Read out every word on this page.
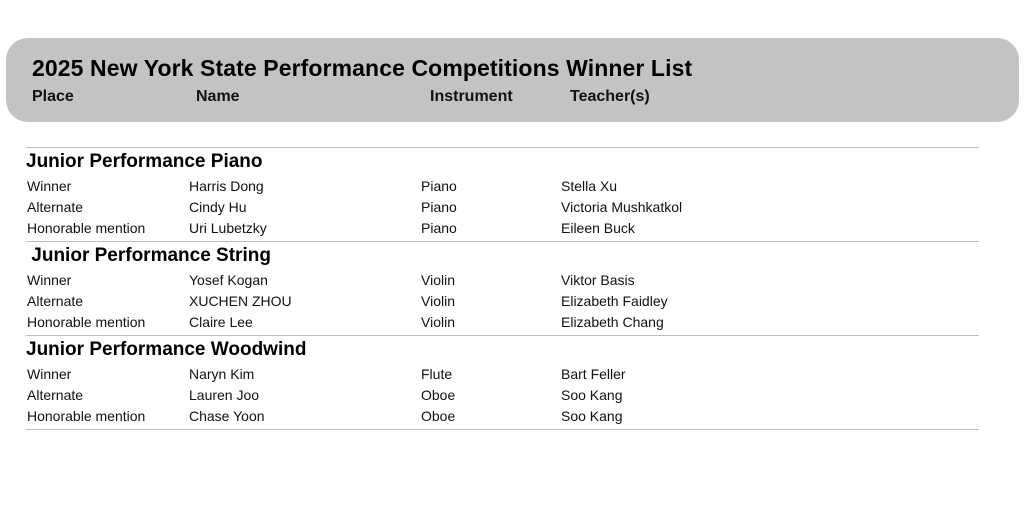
2025 New York State Performance Competitions Winner List
Place	Name	Instrument	Teacher(s)
Junior Performance Piano
Winner	Harris Dong	Piano	Stella Xu
Alternate	Cindy Hu	Piano	Victoria Mushkatkol
Honorable mention	Uri Lubetzky	Piano	Eileen Buck
Junior Performance String
Winner	Yosef Kogan	Violin	Viktor Basis
Alternate	XUCHEN ZHOU	Violin	Elizabeth Faidley
Honorable mention	Claire Lee	Violin	Elizabeth Chang
Junior Performance Woodwind
Winner	Naryn Kim	Flute	Bart Feller
Alternate	Lauren Joo	Oboe	Soo Kang
Honorable mention	Chase Yoon	Oboe	Soo Kang
